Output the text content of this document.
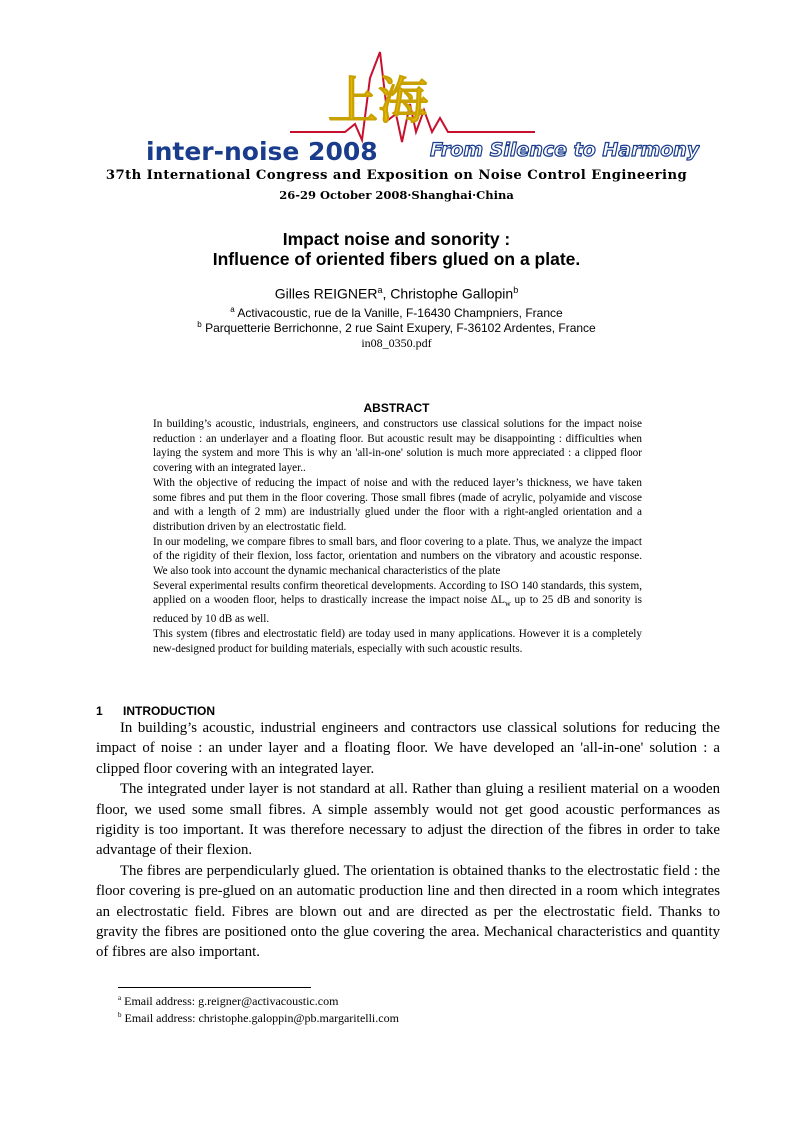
上海
inter-noise 2008	From Silence to Harmony
37th International Congress and Exposition on Noise Control Engineering
26-29 October 2008·Shanghai·China
Impact noise and sonority :
Influence of oriented fibers glued on a plate.
Gilles REIGNER$^a$, Christophe Gallopin$^b$
$^a$ Activacoustic, rue de la Vanille, F-16430 Champniers, France
$^b$ Parquetterie Berrichonne, 2 rue Saint Exupery, F-36102 Ardentes, France
in08_0350.pdf
ABSTRACT

In building’s acoustic, industrials, engineers, and constructors use classical solutions for the impact noise reduction : an underlayer and a floating floor. But acoustic result may be disappointing : difficulties when laying the system and more This is why an 'all-in-one' solution is much more appreciated : a clipped floor covering with an integrated layer..

With the objective of reducing the impact of noise and with the reduced layer’s thickness, we have taken some fibres and put them in the floor covering. Those small fibres (made of acrylic, polyamide and viscose and with a length of 2 mm) are industrially glued under the floor with a right-angled orientation and a distribution driven by an electrostatic field.

In our modeling, we compare fibres to small bars, and floor covering to a plate. Thus, we analyze the impact of the rigidity of their flexion, loss factor, orientation and numbers on the vibratory and acoustic response. We also took into account the dynamic mechanical characteristics of the plate

Several experimental results confirm theoretical developments. According to ISO 140 standards, this system, applied on a wooden floor, helps to drastically increase the impact noise $\Delta L_w$ up to 25 dB and sonority is reduced by 10 dB as well.

This system (fibres and electrostatic field) are today used in many applications. However it is a completely new-designed product for building materials, especially with such acoustic results.

1 INTRODUCTION

In building’s acoustic, industrial engineers and contractors use classical solutions for reducing the impact of noise : an under layer and a floating floor. We have developed an 'all-in-one' solution : a clipped floor covering with an integrated layer.

The integrated under layer is not standard at all. Rather than gluing a resilient material on a wooden floor, we used some small fibres. A simple assembly would not get good acoustic performances as rigidity is too important. It was therefore necessary to adjust the direction of the fibres in order to take advantage of their flexion.

The fibres are perpendicularly glued. The orientation is obtained thanks to the electrostatic field : the floor covering is pre-glued on an automatic production line and then directed in a room which integrates an electrostatic field. Fibres are blown out and are directed as per the electrostatic field. Thanks to gravity the fibres are positioned onto the glue covering the area. Mechanical characteristics and quantity of fibres are also important.

$^a$ Email address: g.reigner@activacoustic.com
$^b$ Email address: christophe.galoppin@pb.margaritelli.com
